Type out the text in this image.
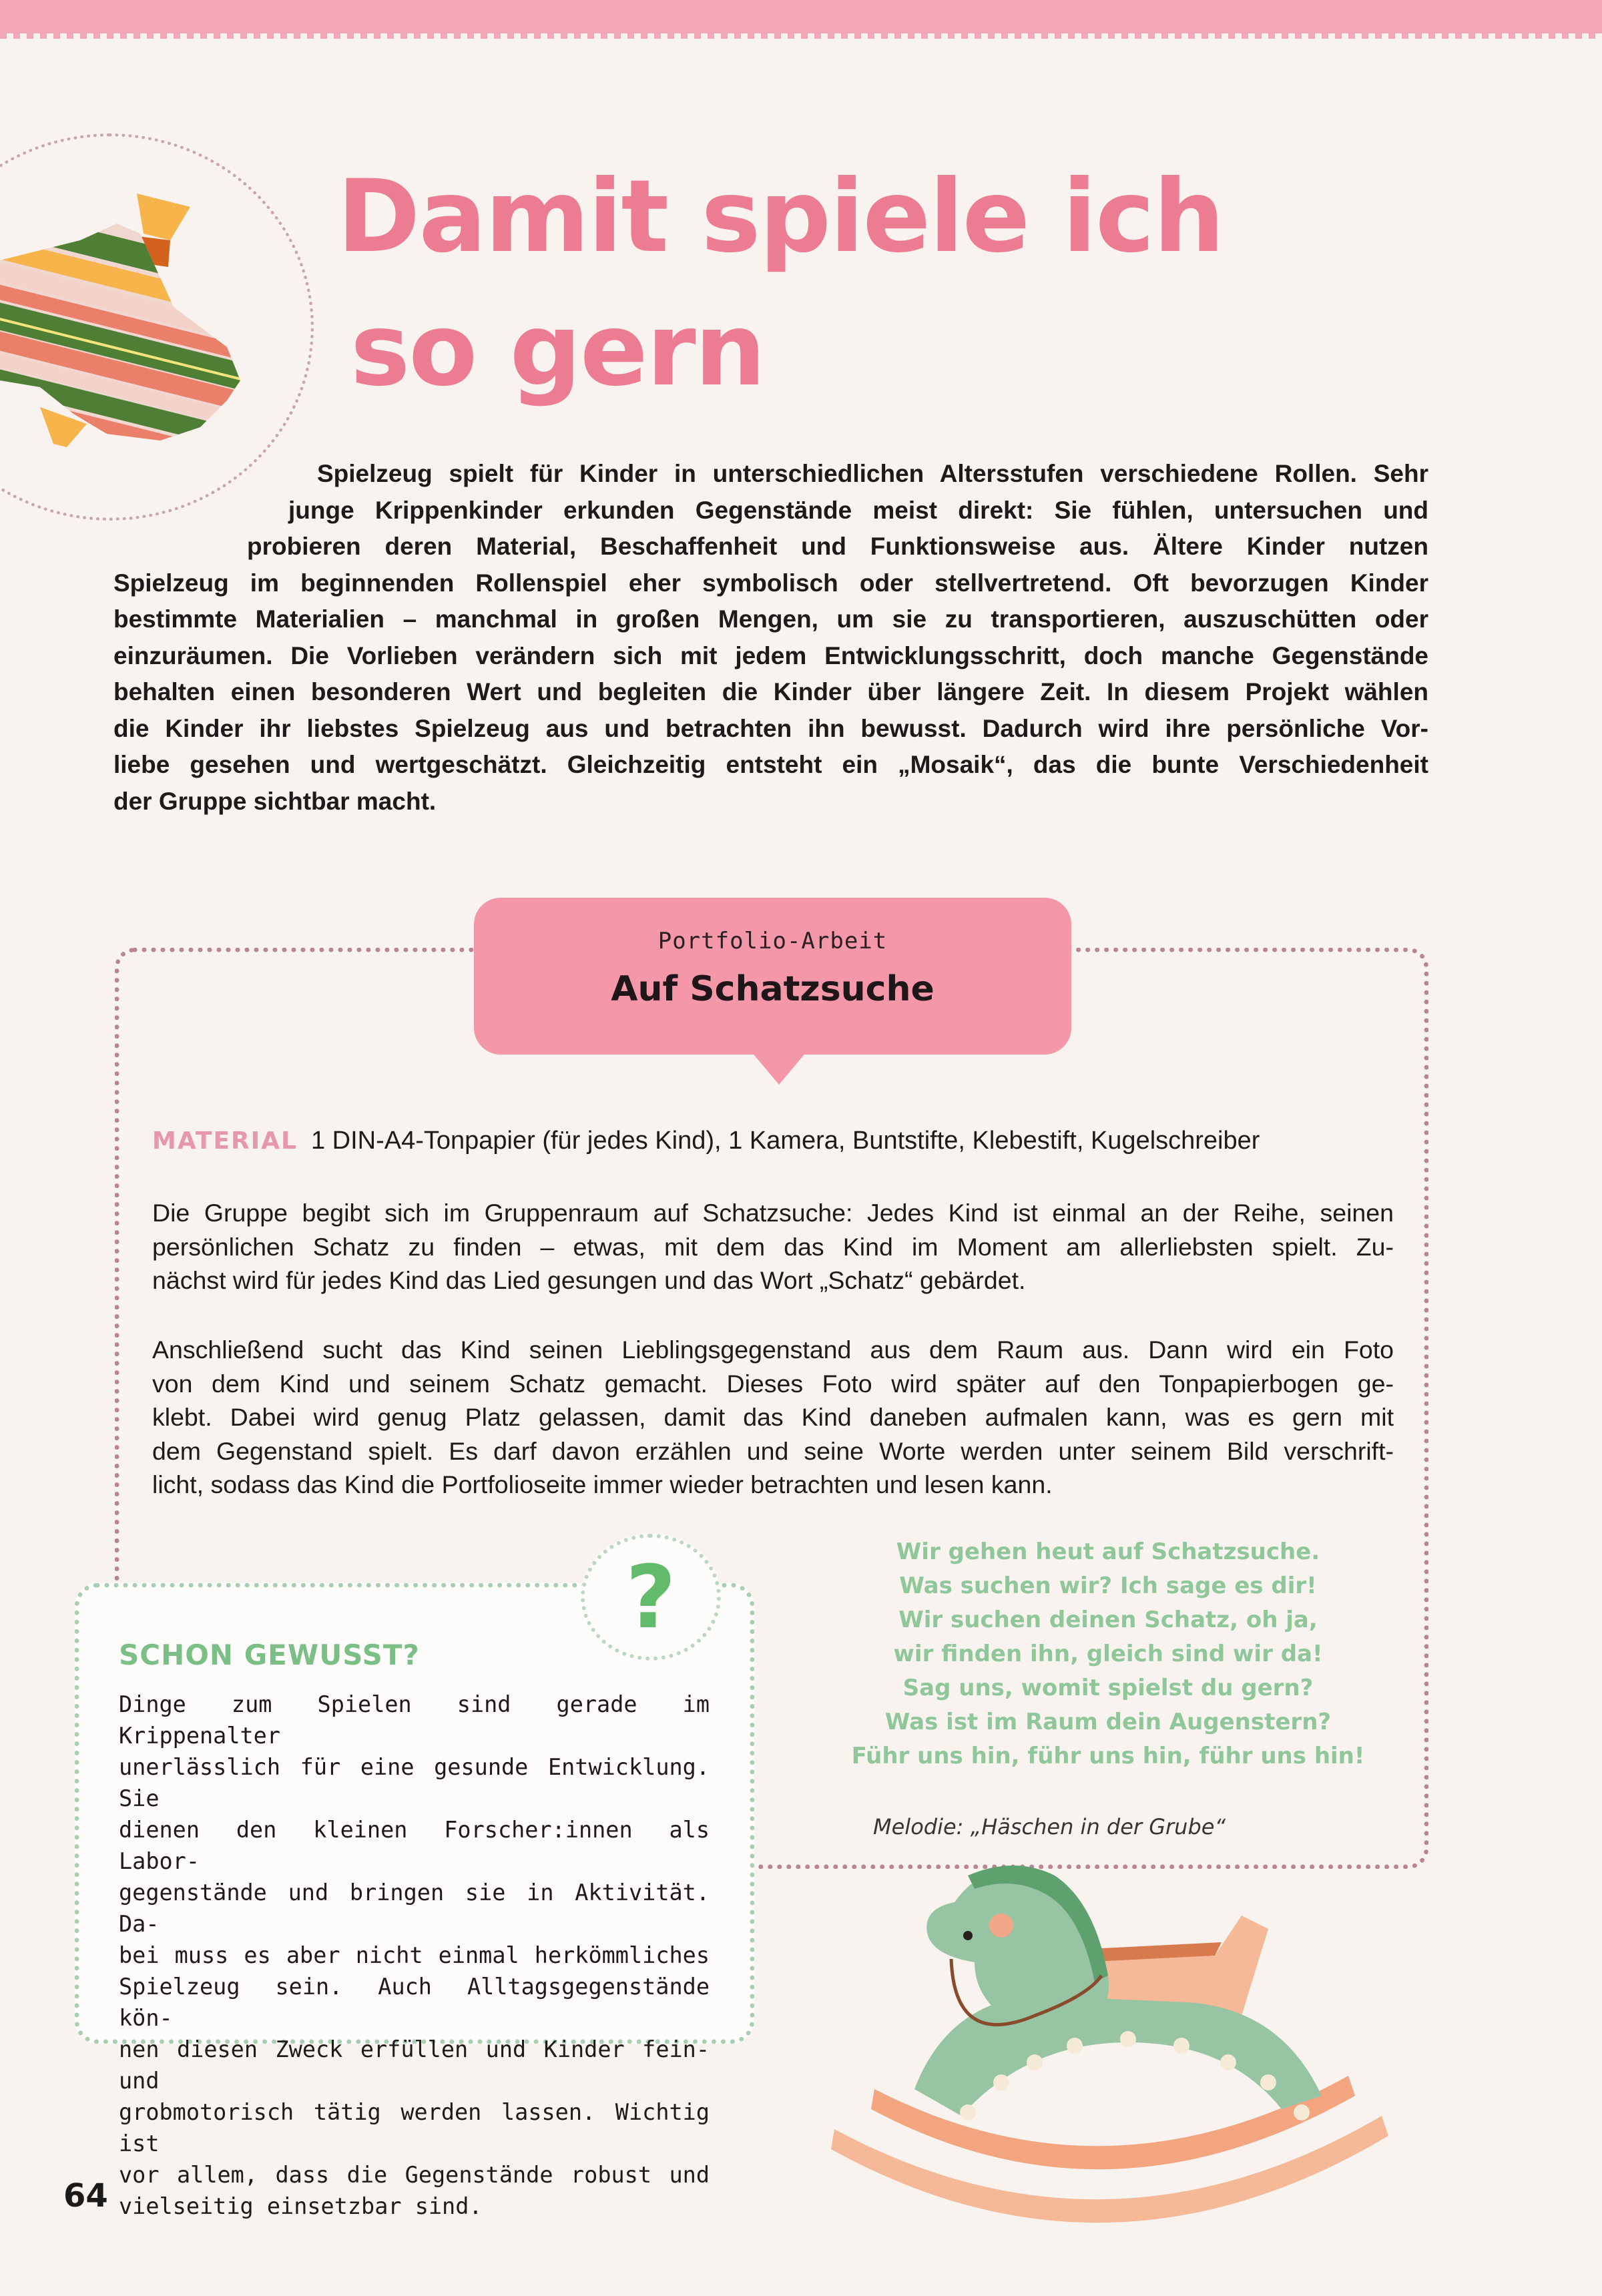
Damit spiele ich
so gern
Spielzeug spielt für Kinder in unterschiedlichen Altersstufen verschiedene Rollen. Sehr
junge Krippenkinder erkunden Gegenstände meist direkt: Sie fühlen, untersuchen und
probieren deren Material, Beschaffenheit und Funktionsweise aus. Ältere Kinder nutzen
Spielzeug im beginnenden Rollenspiel eher symbolisch oder stellvertretend. Oft bevorzugen Kinder
bestimmte Materialien – manchmal in großen Mengen, um sie zu transportieren, auszuschütten oder
einzuräumen. Die Vorlieben verändern sich mit jedem Entwicklungsschritt, doch manche Gegenstände
behalten einen besonderen Wert und begleiten die Kinder über längere Zeit. In diesem Projekt wählen
die Kinder ihr liebstes Spielzeug aus und betrachten ihn bewusst. Dadurch wird ihre persönliche Vor-
liebe gesehen und wertgeschätzt. Gleichzeitig entsteht ein „Mosaik“, das die bunte Verschiedenheit
der Gruppe sichtbar macht.
Portfolio-Arbeit
Auf Schatzsuche
MATERIAL 1 DIN-A4-Tonpapier (für jedes Kind), 1 Kamera, Buntstifte, Klebestift, Kugelschreiber
Die Gruppe begibt sich im Gruppenraum auf Schatzsuche: Jedes Kind ist einmal an der Reihe, seinen
persönlichen Schatz zu finden – etwas, mit dem das Kind im Moment am allerliebsten spielt. Zu-
nächst wird für jedes Kind das Lied gesungen und das Wort „Schatz“ gebärdet.
Anschließend sucht das Kind seinen Lieblingsgegenstand aus dem Raum aus. Dann wird ein Foto
von dem Kind und seinem Schatz gemacht. Dieses Foto wird später auf den Tonpapierbogen ge-
klebt. Dabei wird genug Platz gelassen, damit das Kind daneben aufmalen kann, was es gern mit
dem Gegenstand spielt. Es darf davon erzählen und seine Worte werden unter seinem Bild verschrift-
licht, sodass das Kind die Portfolioseite immer wieder betrachten und lesen kann.
Wir gehen heut auf Schatzsuche.
Was suchen wir? Ich sage es dir!
Wir suchen deinen Schatz, oh ja,
wir finden ihn, gleich sind wir da!
Sag uns, womit spielst du gern?
Was ist im Raum dein Augenstern?
Führ uns hin, führ uns hin, führ uns hin!
Melodie: „Häschen in der Grube“
?
SCHON GEWUSST?
Dinge zum Spielen sind gerade im Krippenalter
unerlässlich für eine gesunde Entwicklung. Sie
dienen den kleinen Forscher:innen als Labor-
gegenstände und bringen sie in Aktivität. Da-
bei muss es aber nicht einmal herkömmliches
Spielzeug sein. Auch Alltagsgegenstände kön-
nen diesen Zweck erfüllen und Kinder fein- und
grobmotorisch tätig werden lassen. Wichtig ist
vor allem, dass die Gegenstände robust und
vielseitig einsetzbar sind.
64
